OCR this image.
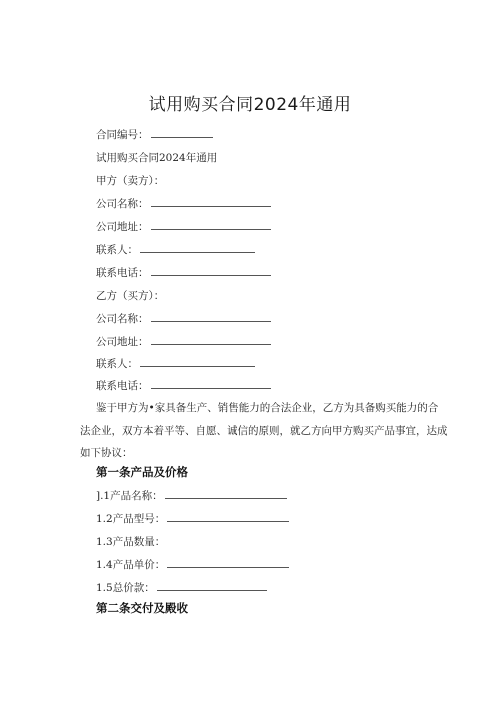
试用购买合同2024年通用
合同编号：
试用购买合同2024年通用
甲方（卖方）：
公司名称：
公司地址：
联系人：
联系电话：
乙方（买方）：
公司名称：
公司地址：
联系人：
联系电话：
鉴于甲方为•家具备生产、销售能力的合法企业，乙方为具备购买能力的合
法企业，双方本着平等、自愿、诚信的原则，就乙方向甲方购买产品事宜，达成
如下协议：
第一条产品及价格
].1产品名称：
1.2产品型号：
1.3产品数量：
1.4产品单价：
1.5总价款：
第二条交付及殿收
